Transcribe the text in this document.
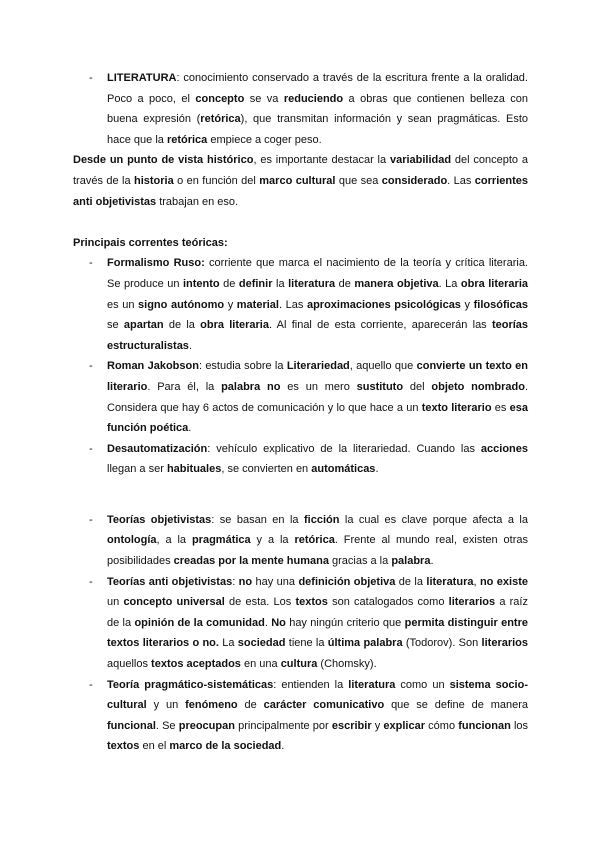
- LITERATURA: conocimiento conservado a través de la escritura frente a la oralidad. Poco a poco, el concepto se va reduciendo a obras que contienen belleza con buena expresión (retórica), que transmitan información y sean pragmáticas. Esto hace que la retórica empiece a coger peso.

Desde un punto de vista histórico, es importante destacar la variabilidad del concepto a través de la historia o en función del marco cultural que sea considerado. Las corrientes anti objetivistas trabajan en eso.

Principais correntes teóricas:

- Formalismo Ruso: corriente que marca el nacimiento de la teoría y crítica literaria. Se produce un intento de definir la literatura de manera objetiva. La obra literaria es un signo autónomo y material. Las aproximaciones psicológicas y filosóficas se apartan de la obra literaria. Al final de esta corriente, aparecerán las teorías estructuralistas.

- Roman Jakobson: estudia sobre la Literariedad, aquello que convierte un texto en literario. Para él, la palabra no es un mero sustituto del objeto nombrado. Considera que hay 6 actos de comunicación y lo que hace a un texto literario es esa función poética.

- Desautomatización: vehículo explicativo de la literariedad. Cuando las acciones llegan a ser habituales, se convierten en automáticas.

- Teorías objetivistas: se basan en la ficción la cual es clave porque afecta a la ontología, a la pragmática y a la retórica. Frente al mundo real, existen otras posibilidades creadas por la mente humana gracias a la palabra.

- Teorías anti objetivistas: no hay una definición objetiva de la literatura, no existe un concepto universal de esta. Los textos son catalogados como literarios a raíz de la opinión de la comunidad. No hay ningún criterio que permita distinguir entre textos literarios o no. La sociedad tiene la última palabra (Todorov). Son literarios aquellos textos aceptados en una cultura (Chomsky).

- Teoría pragmático-sistemáticas: entienden la literatura como un sistema socio-cultural y un fenómeno de carácter comunicativo que se define de manera funcional. Se preocupan principalmente por escribir y explicar cómo funcionan los textos en el marco de la sociedad.
